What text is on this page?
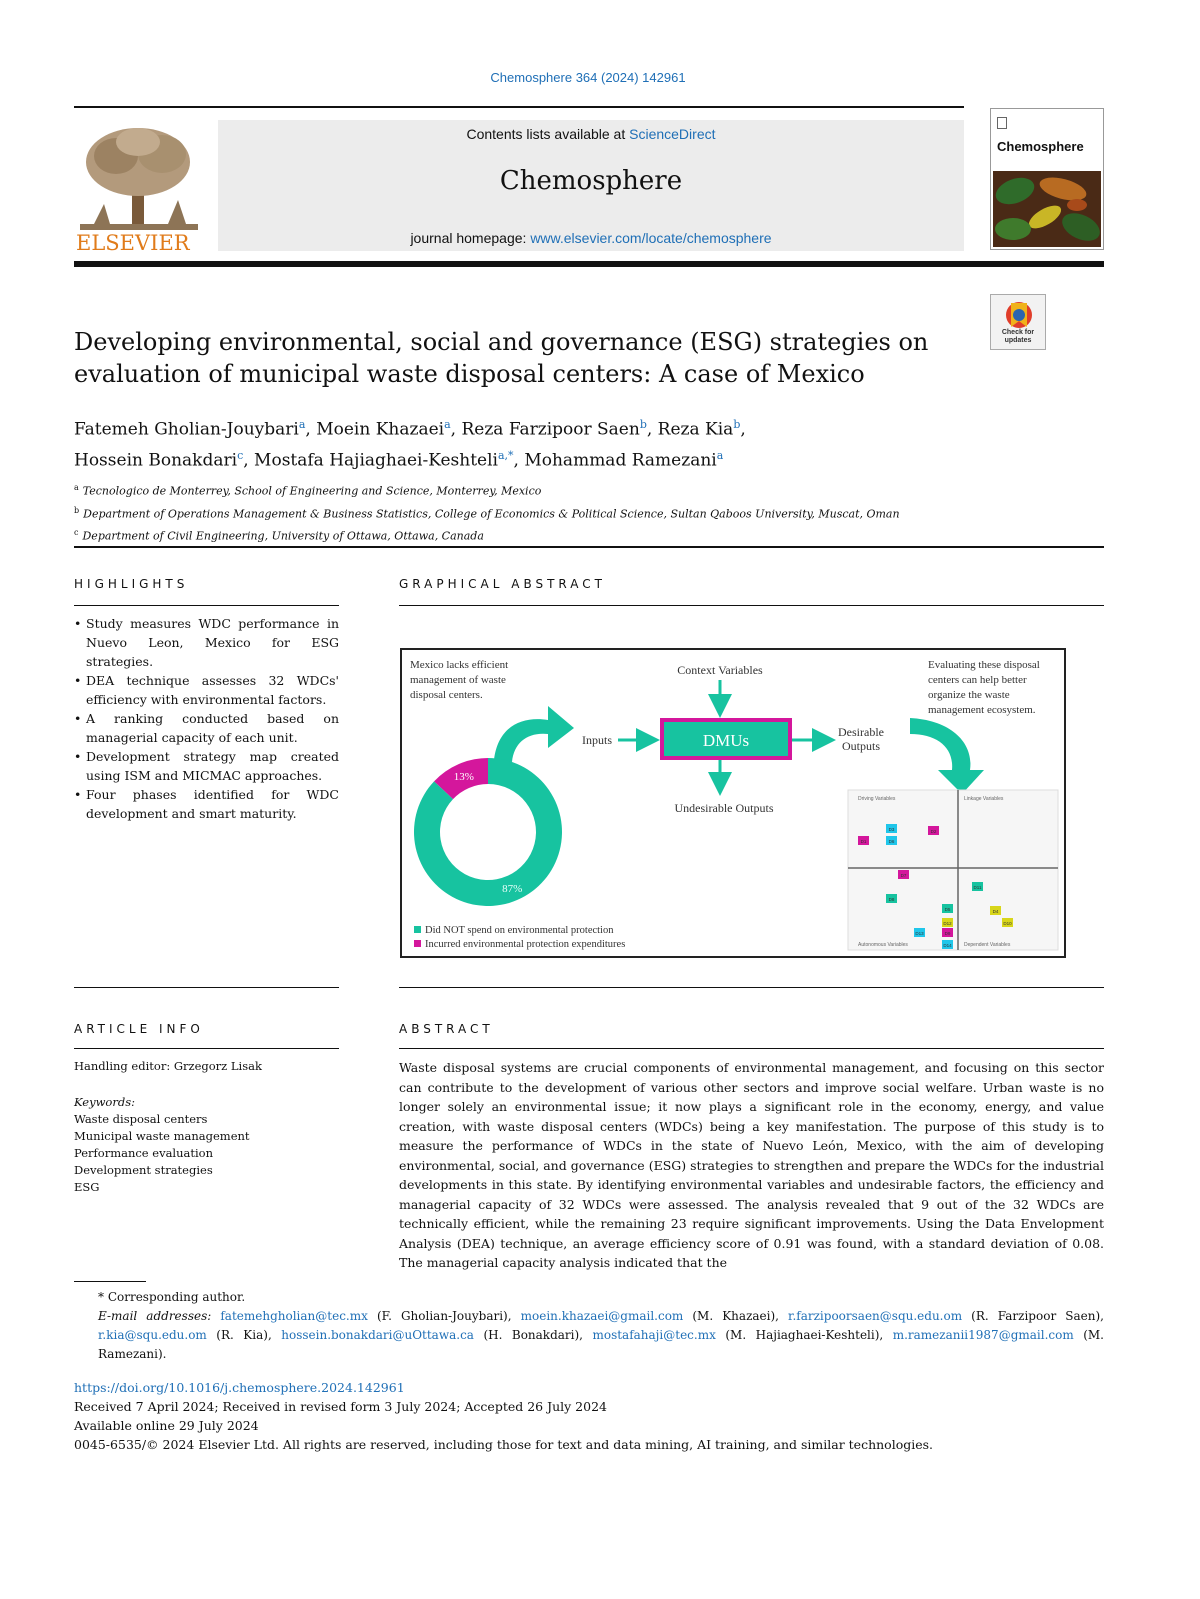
Chemosphere 364 (2024) 142961
ELSEVIER
Contents lists available at ScienceDirect
Chemosphere
journal homepage: www.elsevier.com/locate/chemosphere
Chemosphere
Check for updates
Developing environmental, social and governance (ESG) strategies on evaluation of municipal waste disposal centers: A case of Mexico
Fatemeh Gholian-Jouybari$^a$, Moein Khazaei$^a$, Reza Farzipoor Saen$^b$, Reza Kia$^b$,
Hossein Bonakdari$^c$, Mostafa Hajiaghaei-Keshteli$^{a,*}$, Mohammad Ramezani$^a$
$^a$ Tecnologico de Monterrey, School of Engineering and Science, Monterrey, Mexico
$^b$ Department of Operations Management & Business Statistics, College of Economics & Political Science, Sultan Qaboos University, Muscat, Oman
$^c$ Department of Civil Engineering, University of Ottawa, Ottawa, Canada
HIGHLIGHTS
• Study measures WDC performance in Nuevo Leon, Mexico for ESG strategies.
• DEA technique assesses 32 WDCs' efficiency with environmental factors.
• A ranking conducted based on managerial capacity of each unit.
• Development strategy map created using ISM and MICMAC approaches.
• Four phases identified for WDC development and smart maturity.
GRAPHICAL ABSTRACT
Mexico lacks efficient management of waste disposal centers.
Evaluating these disposal centers can help better organize the waste management ecosystem.
Context Variables
Inputs	DMUs	Desirable Outputs
Undesirable Outputs
13%
87%
Did NOT spend on environmental protection
Incurred environmental protection expenditures
Driving Variables	Linkage Variables
Autonomous Variables	Dependent Variables
D3
D6
D2
D1
D7
D8
D11
D5
D12
D4
D10
D9
D13
D14
ARTICLE INFO	ABSTRACT
Handling editor: Grzegorz Lisak
Keywords:
Waste disposal centers
Municipal waste management
Performance evaluation
Development strategies
ESG
Waste disposal systems are crucial components of environmental management, and focusing on this sector can contribute to the development of various other sectors and improve social welfare. Urban waste is no longer solely an environmental issue; it now plays a significant role in the economy, energy, and value creation, with waste disposal centers (WDCs) being a key manifestation. The purpose of this study is to measure the performance of WDCs in the state of Nuevo León, Mexico, with the aim of developing environmental, social, and governance (ESG) strategies to strengthen and prepare the WDCs for the industrial developments in this state. By identifying environmental variables and undesirable factors, the efficiency and managerial capacity of 32 WDCs were assessed. The analysis revealed that 9 out of the 32 WDCs are technically efficient, while the remaining 23 require significant improvements. Using the Data Envelopment Analysis (DEA) technique, an average efficiency score of 0.91 was found, with a standard deviation of 0.08. The managerial capacity analysis indicated that the
* Corresponding author.
E-mail addresses: fatemehgholian@tec.mx (F. Gholian-Jouybari), moein.khazaei@gmail.com (M. Khazaei), r.farzipoorsaen@squ.edu.om (R. Farzipoor Saen), r.kia@squ.edu.om (R. Kia), hossein.bonakdari@uOttawa.ca (H. Bonakdari), mostafahaji@tec.mx (M. Hajiaghaei-Keshteli), m.ramezanii1987@gmail.com (M. Ramezani).
https://doi.org/10.1016/j.chemosphere.2024.142961
Received 7 April 2024; Received in revised form 3 July 2024; Accepted 26 July 2024
Available online 29 July 2024
0045-6535/© 2024 Elsevier Ltd. All rights are reserved, including those for text and data mining, AI training, and similar technologies.
